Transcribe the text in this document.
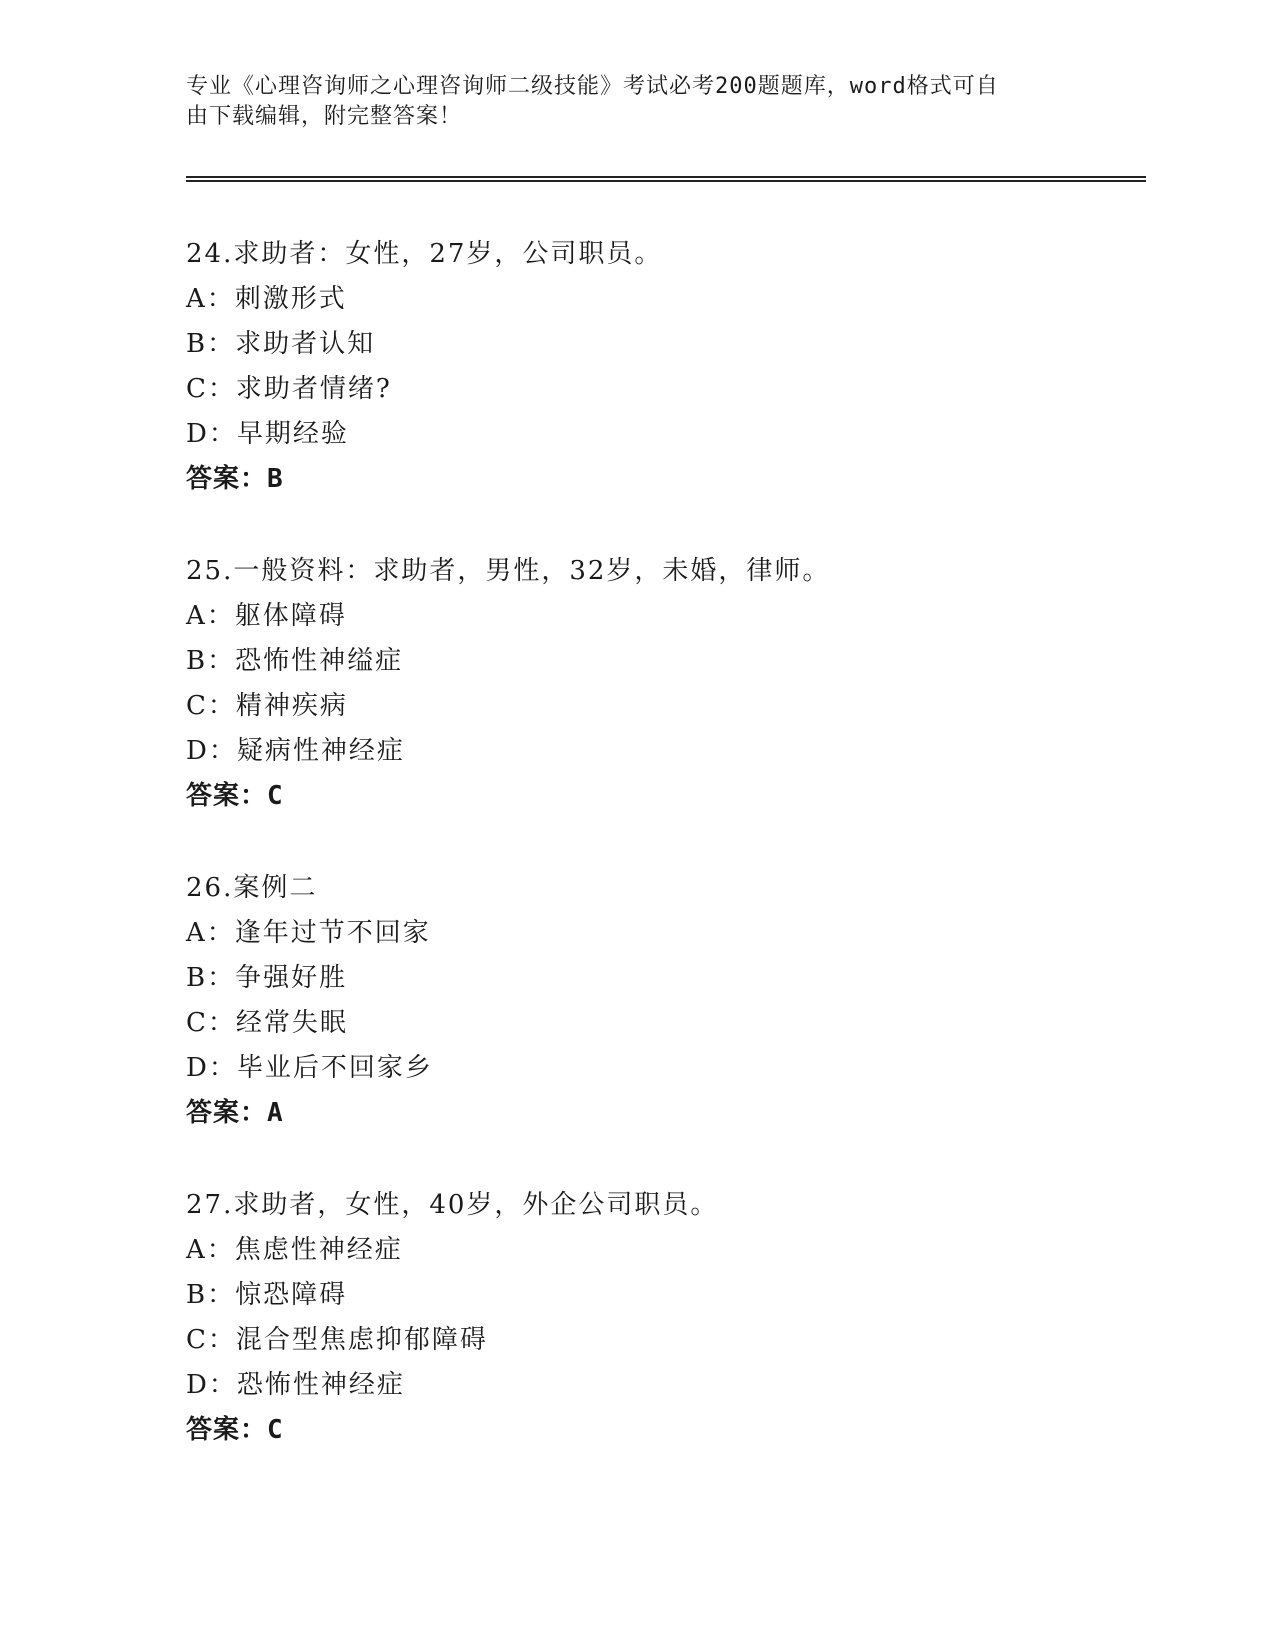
专业《心理咨询师之心理咨询师二级技能》考试必考200题题库，word格式可自
由下载编辑，附完整答案！
24.求助者：女性，27岁，公司职员。
A：刺激形式
B：求助者认知
C：求助者情绪?
D：早期经验
答案：B
25.一般资料：求助者，男性，32岁，未婚，律师。
A：躯体障碍
B：恐怖性神缢症
C：精神疾病
D：疑病性神经症
答案：C
26.案例二
A：逢年过节不回家
B：争强好胜
C：经常失眠
D：毕业后不回家乡
答案：A
27.求助者，女性，40岁，外企公司职员。
A：焦虑性神经症
B：惊恐障碍
C：混合型焦虑抑郁障碍
D：恐怖性神经症
答案：C
